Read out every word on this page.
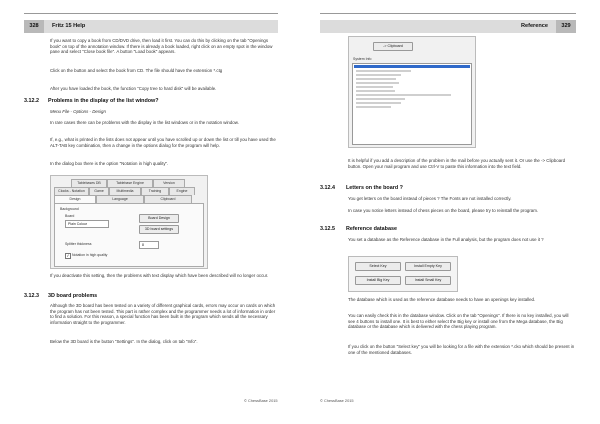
328	Fritz 15 Help
If you want to copy a book from CD/DVD drive, then load it first. You can do this by clicking on the tab "Openings book" on top of the annotation window. If there is already a book loaded, right click on an empty spot in the window pane and select "Close book file". A button "Load book" appears.
Click on the button and select the book from CD. The file should have the extension *.ctg
After you have loaded the book, the function "Copy tree to hard disk" will be available.
3.12.2 Problems in the display of the list window?
Menu File - Options - Design
In rare cases there can be problems with the display in the list windows or in the notation window.
If, e.g., what is printed in the lists does not appear until you have scrolled up or down the list or till you have used the ALT-TAB key combination, then a change in the options dialog for the program will help.
In the dialog box there is the option "Notation in high quality".
Tablebases DB	Tablebase Engine	Version
Clocks - Notation	Game	Multimedia	Training	Engine
Design	Language	Clipboard
Background
Board
Plain Colour
Board Design
3D board settings
Splitter thickness	8
✓ Notation in high quality
If you deactivate this setting, then the problems with text display which have been described will no longer occur.
3.12.3 3D board problems
Although the 3D board has been tested on a variety of different graphical cards, errors may occur on cards on which the program has not been tested. This part is rather complex and the programmer needs a lot of information in order to find a solution. For this reason, a special function has been built in the program which sends all the necessary information straight to the programmer.
Below the 3D board is the button "Settings". In the dialog, click on tab "Info".
© ChessBase 2015
Reference	329
-> Clipboard
System Info
It is helpful if you add a description of the problem in the mail before you actually sent it. Or use the -> Clipboard button. Open your mail program and use Ctrl-V to paste this information into the text field.
3.12.4 Letters on the board ?
You get letters on the board instead of pieces ? The Fonts are not installed correctly.
In case you notice letters instead of chess pieces on the board, please try to reinstall the program.
3.12.5 Reference database
You set a database as the Reference database in the Full analysis, but the program does not use it ?
Select Key	Install Empty Key
Install Big Key	Install Small Key
The database which is used as the reference database needs to have an openings key installed.
You can easily check this in the database window. Click on the tab "Openings". If there is no key installed, you will see 4 buttons to install one. It is best to either select the Big key or install one from the Mega database, the Big database or the database which is delivered with the chess playing program.
If you click on the button "Select key" you will be looking for a file with the extension *.cko which should be present in one of the mentioned databases.
© ChessBase 2015
